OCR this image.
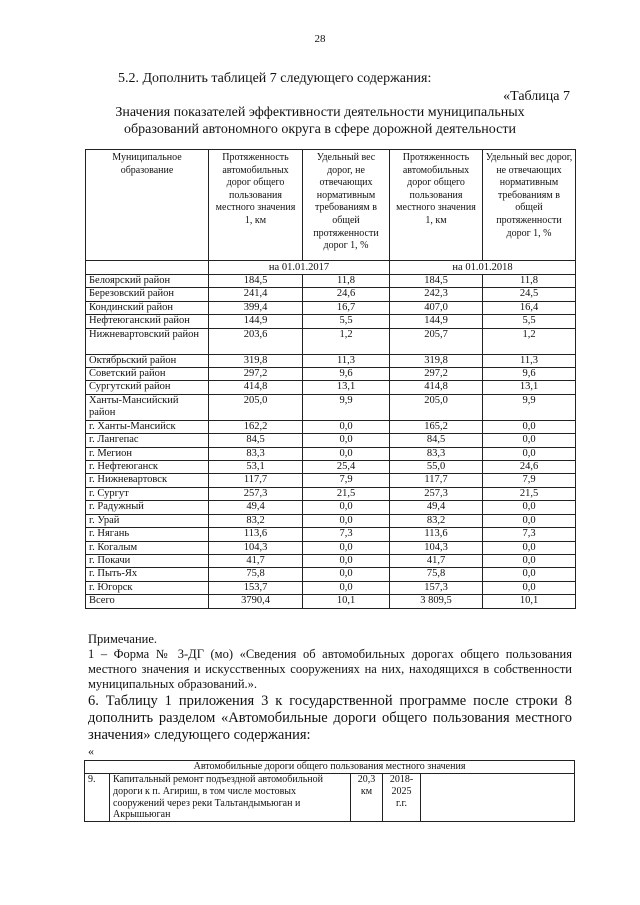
28
5.2. Дополнить таблицей 7 следующего содержания:
«Таблица 7
Значения показателей эффективности деятельности муниципальных образований автономного округа в сфере дорожной деятельности
Муниципальное образование	Протяженность автомобильных дорог общего пользования местного значения 1, км	Удельный вес дорог, не отвечающих нормативным требованиям в общей протяженности дорог 1, %	Протяженность автомобильных дорог общего пользования местного значения 1, км	Удельный вес дорог, не отвечающих нормативным требованиям в общей протяженности дорог 1, %
	на 01.01.2017		на 01.01.2018	
Белоярский район	184,5	11,8	184,5	11,8
Березовский район	241,4	24,6	242,3	24,5
Кондинский район	399,4	16,7	407,0	16,4
Нефтеюганский район	144,9	5,5	144,9	5,5
Нижневартовский район	203,6	1,2	205,7	1,2
Октябрьский район	319,8	11,3	319,8	11,3
Советский район	297,2	9,6	297,2	9,6
Сургутский район	414,8	13,1	414,8	13,1
Ханты-Мансийский район	205,0	9,9	205,0	9,9
г. Ханты-Мансийск	162,2	0,0	165,2	0,0
г. Лангепас	84,5	0,0	84,5	0,0
г. Мегион	83,3	0,0	83,3	0,0
г. Нефтеюганск	53,1	25,4	55,0	24,6
г. Нижневартовск	117,7	7,9	117,7	7,9
г. Сургут	257,3	21,5	257,3	21,5
г. Радужный	49,4	0,0	49,4	0,0
г. Урай	83,2	0,0	83,2	0,0
г. Нягань	113,6	7,3	113,6	7,3
г. Когалым	104,3	0,0	104,3	0,0
г. Покачи	41,7	0,0	41,7	0,0
г. Пыть-Ях	75,8	0,0	75,8	0,0
г. Югорск	153,7	0,0	157,3	0,0
Всего	3790,4	10,1	3 809,5	10,1
Примечание.
1 – Форма № 3-ДГ (мо) «Сведения об автомобильных дорогах общего пользования местного значения и искусственных сооружениях на них, находящихся в собственности муниципальных образований.».
6. Таблицу 1 приложения 3 к государственной программе после строки 8 дополнить разделом «Автомобильные дороги общего пользования местного значения» следующего содержания:
«
Автомобильные дороги общего пользования местного значения
9.	Капитальный ремонт подъездной автомобильной дороги к п. Агириш, в том числе мостовых сооружений через реки Тальтандымьюган и Акрышьюган	20,3 км	2018-2025 г.г.	
